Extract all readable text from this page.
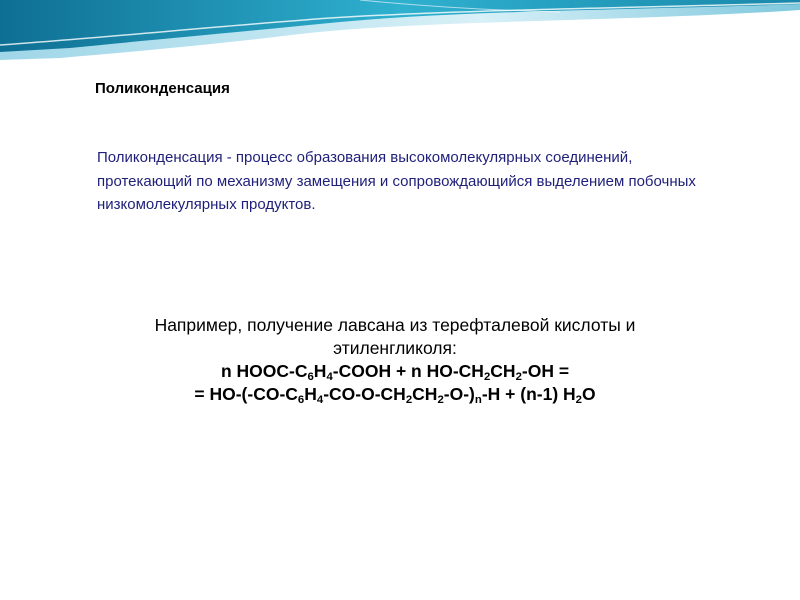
Поликонденсация
Поликонденсация - процесс образования высокомолекулярных соединений, протекающий по механизму замещения и сопровождающийся выделением побочных низкомолекулярных продуктов.
Например, получение лавсана из терефталевой кислоты и этиленгликоля:
n HOOC-$C_6H_4$-COOH + n $HO-CH_2CH_2-OH$ =
= $HO-(-CO-C_6H_4-CO-O-CH_2CH_2-O-)_n-H + (n-1)$ $H_2O$
